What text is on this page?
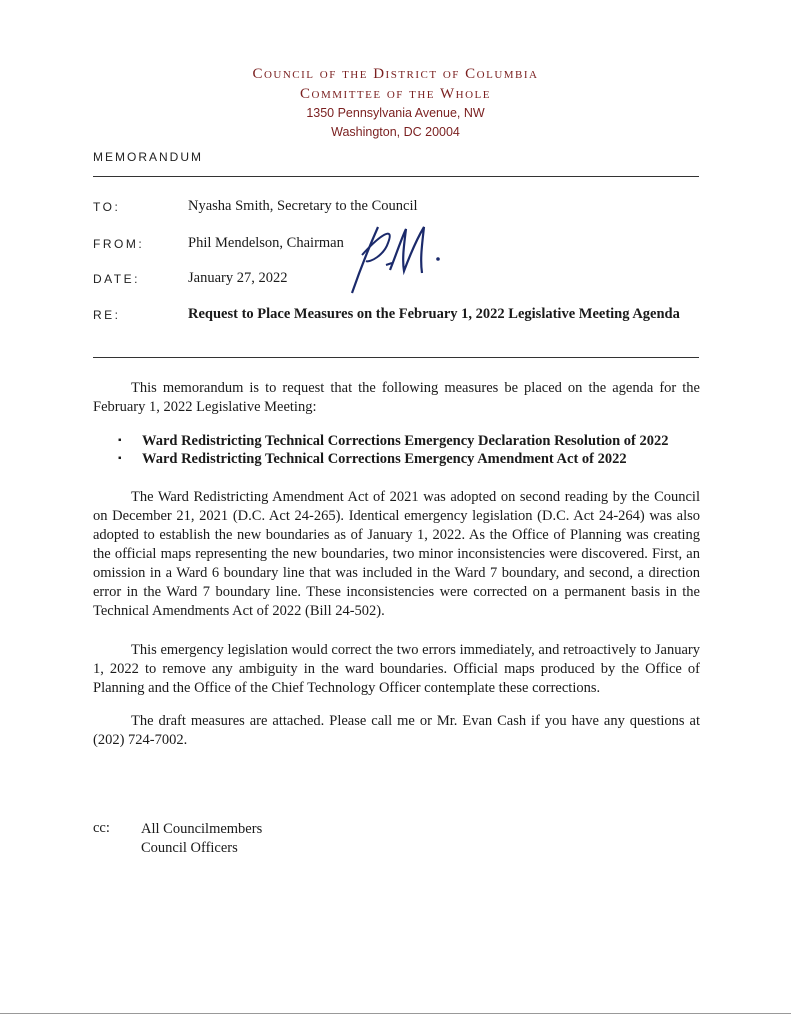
Council of the District of Columbia
Committee of the Whole
1350 Pennsylvania Avenue, NW
Washington, DC 20004
MEMORANDUM
TO:	Nyasha Smith, Secretary to the Council
FROM:	Phil Mendelson, Chairman
DATE:	January 27, 2022
RE:	Request to Place Measures on the February 1, 2022 Legislative Meeting Agenda
This memorandum is to request that the following measures be placed on the agenda for the February 1, 2022 Legislative Meeting:
▪ Ward Redistricting Technical Corrections Emergency Declaration Resolution of 2022
▪ Ward Redistricting Technical Corrections Emergency Amendment Act of 2022
The Ward Redistricting Amendment Act of 2021 was adopted on second reading by the Council on December 21, 2021 (D.C. Act 24-265). Identical emergency legislation (D.C. Act 24-264) was also adopted to establish the new boundaries as of January 1, 2022. As the Office of Planning was creating the official maps representing the new boundaries, two minor inconsistencies were discovered. First, an omission in a Ward 6 boundary line that was included in the Ward 7 boundary, and second, a direction error in the Ward 7 boundary line. These inconsistencies were corrected on a permanent basis in the Technical Amendments Act of 2022 (Bill 24-502).
This emergency legislation would correct the two errors immediately, and retroactively to January 1, 2022 to remove any ambiguity in the ward boundaries. Official maps produced by the Office of Planning and the Office of the Chief Technology Officer contemplate these corrections.
The draft measures are attached. Please call me or Mr. Evan Cash if you have any questions at (202) 724-7002.
cc: All Councilmembers
Council Officers
